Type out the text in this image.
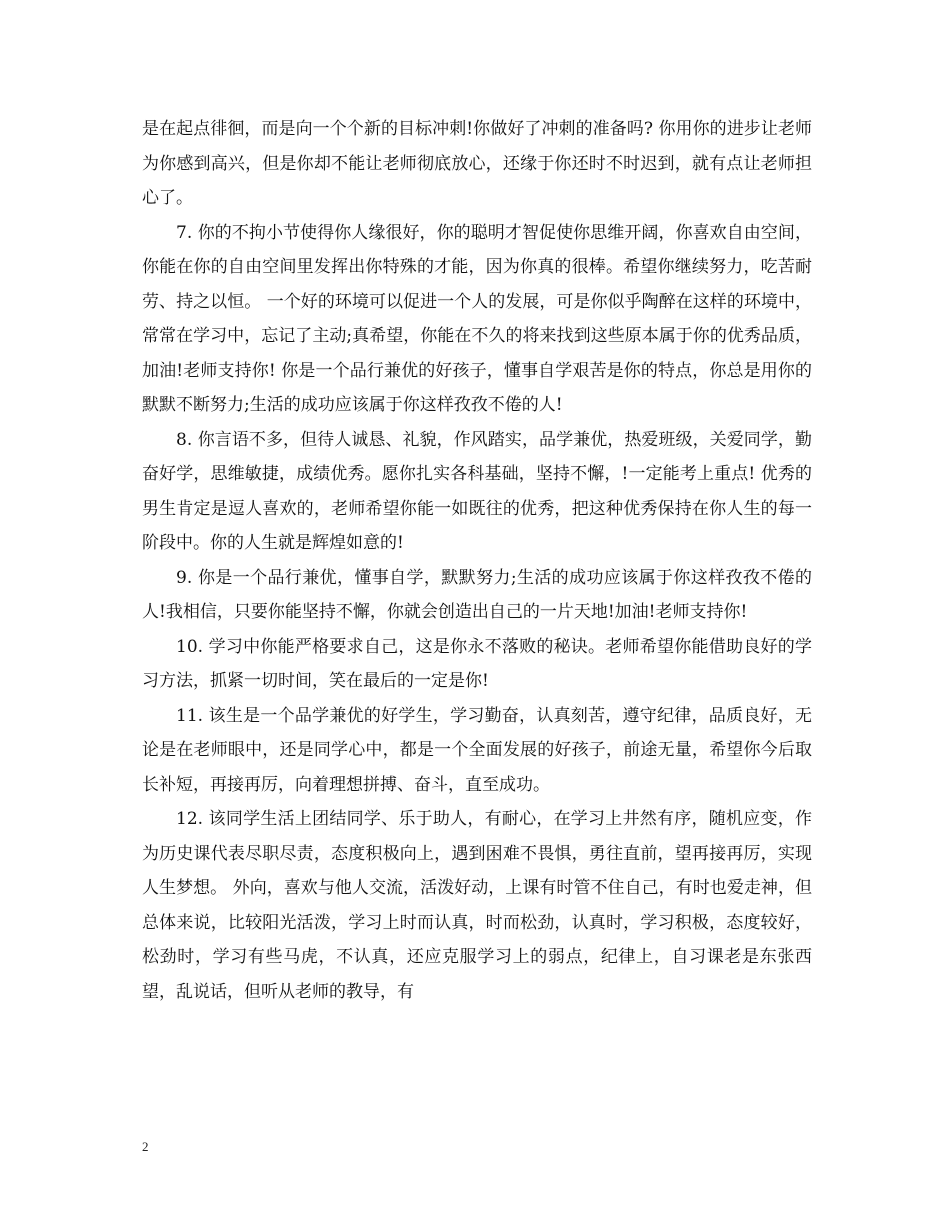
是在起点徘徊，而是向一个个新的目标冲刺!你做好了冲刺的准备吗? 你用你的进步让老师为你感到高兴，但是你却不能让老师彻底放心，还缘于你还时不时迟到，就有点让老师担心了。

7. 你的不拘小节使得你人缘很好，你的聪明才智促使你思维开阔，你喜欢自由空间，你能在你的自由空间里发挥出你特殊的才能，因为你真的很棒。希望你继续努力，吃苦耐劳、持之以恒。 一个好的环境可以促进一个人的发展，可是你似乎陶醉在这样的环境中，常常在学习中，忘记了主动;真希望，你能在不久的将来找到这些原本属于你的优秀品质，加油!老师支持你! 你是一个品行兼优的好孩子，懂事自学艰苦是你的特点，你总是用你的默默不断努力;生活的成功应该属于你这样孜孜不倦的人!

8. 你言语不多，但待人诚恳、礼貌，作风踏实，品学兼优，热爱班级，关爱同学，勤奋好学，思维敏捷，成绩优秀。愿你扎实各科基础，坚持不懈，!一定能考上重点! 优秀的男生肯定是逗人喜欢的，老师希望你能一如既往的优秀，把这种优秀保持在你人生的每一阶段中。你的人生就是辉煌如意的!

9. 你是一个品行兼优，懂事自学，默默努力;生活的成功应该属于你这样孜孜不倦的人!我相信，只要你能坚持不懈，你就会创造出自己的一片天地!加油!老师支持你!

10. 学习中你能严格要求自己，这是你永不落败的秘诀。老师希望你能借助良好的学习方法，抓紧一切时间，笑在最后的一定是你!

11. 该生是一个品学兼优的好学生，学习勤奋，认真刻苦，遵守纪律，品质良好，无论是在老师眼中，还是同学心中，都是一个全面发展的好孩子，前途无量，希望你今后取长补短，再接再厉，向着理想拼搏、奋斗，直至成功。

12. 该同学生活上团结同学、乐于助人，有耐心，在学习上井然有序，随机应变，作为历史课代表尽职尽责，态度积极向上，遇到困难不畏惧，勇往直前，望再接再厉，实现人生梦想。 外向，喜欢与他人交流，活泼好动，上课有时管不住自己，有时也爱走神，但总体来说，比较阳光活泼，学习上时而认真，时而松劲，认真时，学习积极，态度较好，松劲时，学习有些马虎，不认真，还应克服学习上的弱点，纪律上，自习课老是东张西望，乱说话，但听从老师的教导，有

2
